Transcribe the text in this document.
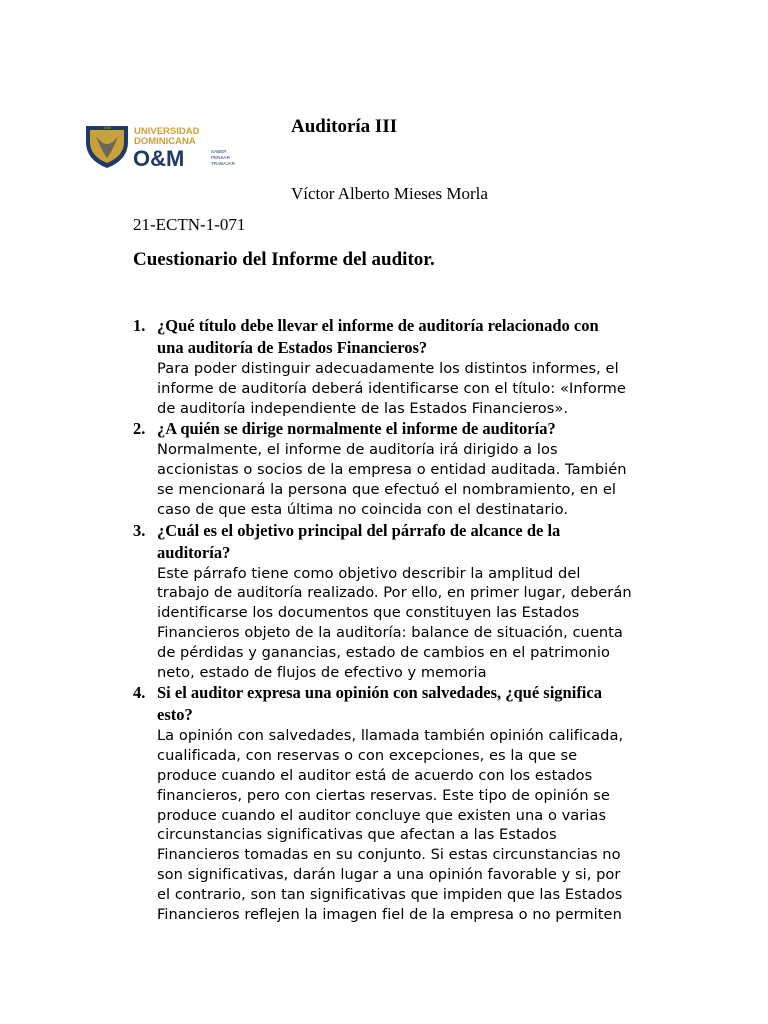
1966 UNIVERSIDAD
DOMINICANA
O&M	SABER
PENSAR
TRABAJAR
Auditoría III
Víctor Alberto Mieses Morla
21-ECTN-1-071
Cuestionario del Informe del auditor.
1. ¿Qué título debe llevar el informe de auditoría relacionado con
una auditoría de Estados Financieros?
Para poder distinguir adecuadamente los distintos informes, el
informe de auditoría deberá identificarse con el título: «Informe
de auditoría independiente de las Estados Financieros».
2. ¿A quién se dirige normalmente el informe de auditoría?
Normalmente, el informe de auditoría irá dirigido a los
accionistas o socios de la empresa o entidad auditada. También
se mencionará la persona que efectuó el nombramiento, en el
caso de que esta última no coincida con el destinatario.
3. ¿Cuál es el objetivo principal del párrafo de alcance de la
auditoría?
Este párrafo tiene como objetivo describir la amplitud del
trabajo de auditoría realizado. Por ello, en primer lugar, deberán
identificarse los documentos que constituyen las Estados
Financieros objeto de la auditoría: balance de situación, cuenta
de pérdidas y ganancias, estado de cambios en el patrimonio
neto, estado de flujos de efectivo y memoria
4. Si el auditor expresa una opinión con salvedades, ¿qué significa
esto?
La opinión con salvedades, llamada también opinión calificada,
cualificada, con reservas o con excepciones, es la que se
produce cuando el auditor está de acuerdo con los estados
financieros, pero con ciertas reservas. Este tipo de opinión se
produce cuando el auditor concluye que existen una o varias
circunstancias significativas que afectan a las Estados
Financieros tomadas en su conjunto. Si estas circunstancias no
son significativas, darán lugar a una opinión favorable y si, por
el contrario, son tan significativas que impiden que las Estados
Financieros reflejen la imagen fiel de la empresa o no permiten
